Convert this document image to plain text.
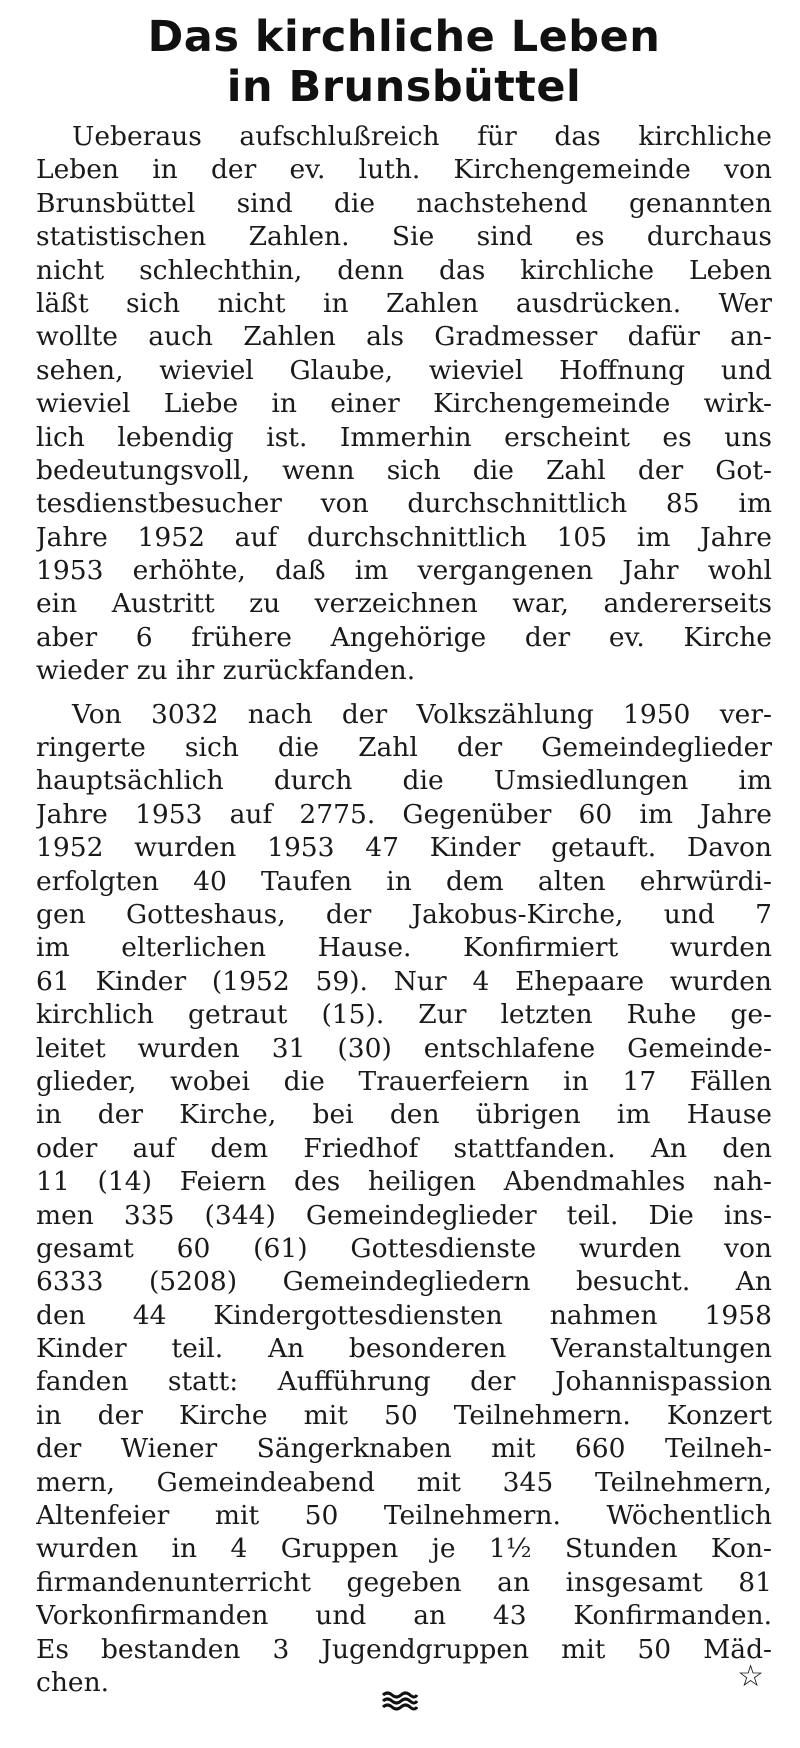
Das kirchliche Leben
in Brunsbüttel
Ueberaus aufschlußreich für das kirchliche
Leben in der ev. luth. Kirchengemeinde von
Brunsbüttel sind die nachstehend genannten
statistischen Zahlen. Sie sind es durchaus
nicht schlechthin, denn das kirchliche Leben
läßt sich nicht in Zahlen ausdrücken. Wer
wollte auch Zahlen als Gradmesser dafür an-
sehen, wieviel Glaube, wieviel Hoffnung und
wieviel Liebe in einer Kirchengemeinde wirk-
lich lebendig ist. Immerhin erscheint es uns
bedeutungsvoll, wenn sich die Zahl der Got-
tesdienstbesucher von durchschnittlich 85 im
Jahre 1952 auf durchschnittlich 105 im Jahre
1953 erhöhte, daß im vergangenen Jahr wohl
ein Austritt zu verzeichnen war, andererseits
aber 6 frühere Angehörige der ev. Kirche
wieder zu ihr zurückfanden.
Von 3032 nach der Volkszählung 1950 ver-
ringerte sich die Zahl der Gemeindeglieder
hauptsächlich durch die Umsiedlungen im
Jahre 1953 auf 2775. Gegenüber 60 im Jahre
1952 wurden 1953 47 Kinder getauft. Davon
erfolgten 40 Taufen in dem alten ehrwürdi-
gen Gotteshaus, der Jakobus-Kirche, und 7
im elterlichen Hause. Konfirmiert wurden
61 Kinder (1952 59). Nur 4 Ehepaare wurden
kirchlich getraut (15). Zur letzten Ruhe ge-
leitet wurden 31 (30) entschlafene Gemeinde-
glieder, wobei die Trauerfeiern in 17 Fällen
in der Kirche, bei den übrigen im Hause
oder auf dem Friedhof stattfanden. An den
11 (14) Feiern des heiligen Abendmahles nah-
men 335 (344) Gemeindeglieder teil. Die ins-
gesamt 60 (61) Gottesdienste wurden von
6333 (5208) Gemeindegliedern besucht. An
den 44 Kindergottesdiensten nahmen 1958
Kinder teil. An besonderen Veranstaltungen
fanden statt: Aufführung der Johannispassion
in der Kirche mit 50 Teilnehmern. Konzert
der Wiener Sängerknaben mit 660 Teilneh-
mern, Gemeindeabend mit 345 Teilnehmern,
Altenfeier mit 50 Teilnehmern. Wöchentlich
wurden in 4 Gruppen je 1½ Stunden Kon-
firmandenunterricht gegeben an insgesamt 81
Vorkonfirmanden und an 43 Konfirmanden.
Es bestanden 3 Jugendgruppen mit 50 Mäd-
chen.	☆
